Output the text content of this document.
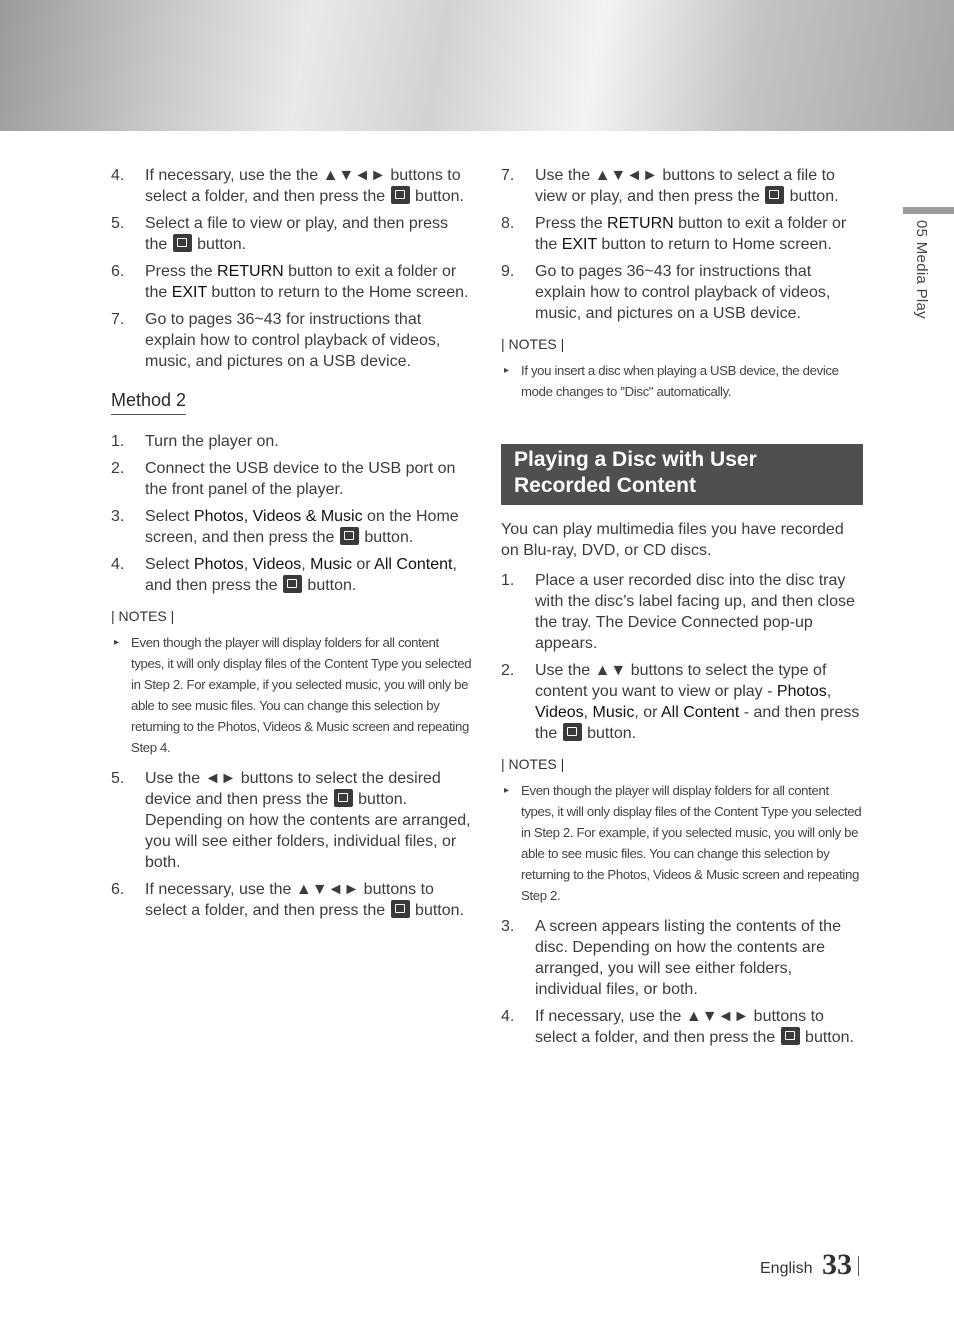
05 Media Play
4. If necessary, use the the ▲▼◄► buttons to select a folder, and then press the  button.
5. Select a file to view or play, and then press the  button.
6. Press the RETURN button to exit a folder or the EXIT button to return to the Home screen.
7. Go to pages 36~43 for instructions that explain how to control playback of videos, music, and pictures on a USB device.
Method 2
1. Turn the player on.
2. Connect the USB device to the USB port on the front panel of the player.
3. Select Photos, Videos & Music on the Home screen, and then press the  button.
4. Select Photos, Videos, Music or All Content, and then press the  button.
| NOTES |
▸ Even though the player will display folders for all content types, it will only display files of the Content Type you selected in Step 2. For example, if you selected music, you will only be able to see music files. You can change this selection by returning to the Photos, Videos & Music screen and repeating Step 4.
5. Use the ◄► buttons to select the desired device and then press the  button. Depending on how the contents are arranged, you will see either folders, individual files, or both.
6. If necessary, use the ▲▼◄► buttons to select a folder, and then press the  button.
7. Use the ▲▼◄► buttons to select a file to view or play, and then press the  button.
8. Press the RETURN button to exit a folder or the EXIT button to return to Home screen.
9. Go to pages 36~43 for instructions that explain how to control playback of videos, music, and pictures on a USB device.
| NOTES |
▸ If you insert a disc when playing a USB device, the device mode changes to "Disc" automatically.
Playing a Disc with User Recorded Content
You can play multimedia files you have recorded on Blu-ray, DVD, or CD discs.
1. Place a user recorded disc into the disc tray with the disc’s label facing up, and then close the tray. The Device Connected pop-up appears.
2. Use the ▲▼ buttons to select the type of content you want to view or play - Photos, Videos, Music, or All Content - and then press the  button.
| NOTES |
▸ Even though the player will display folders for all content types, it will only display files of the Content Type you selected in Step 2. For example, if you selected music, you will only be able to see music files. You can change this selection by returning to the Photos, Videos & Music screen and repeating Step 2.
3. A screen appears listing the contents of the disc. Depending on how the contents are arranged, you will see either folders, individual files, or both.
4. If necessary, use the ▲▼◄► buttons to select a folder, and then press the  button.
English 33
